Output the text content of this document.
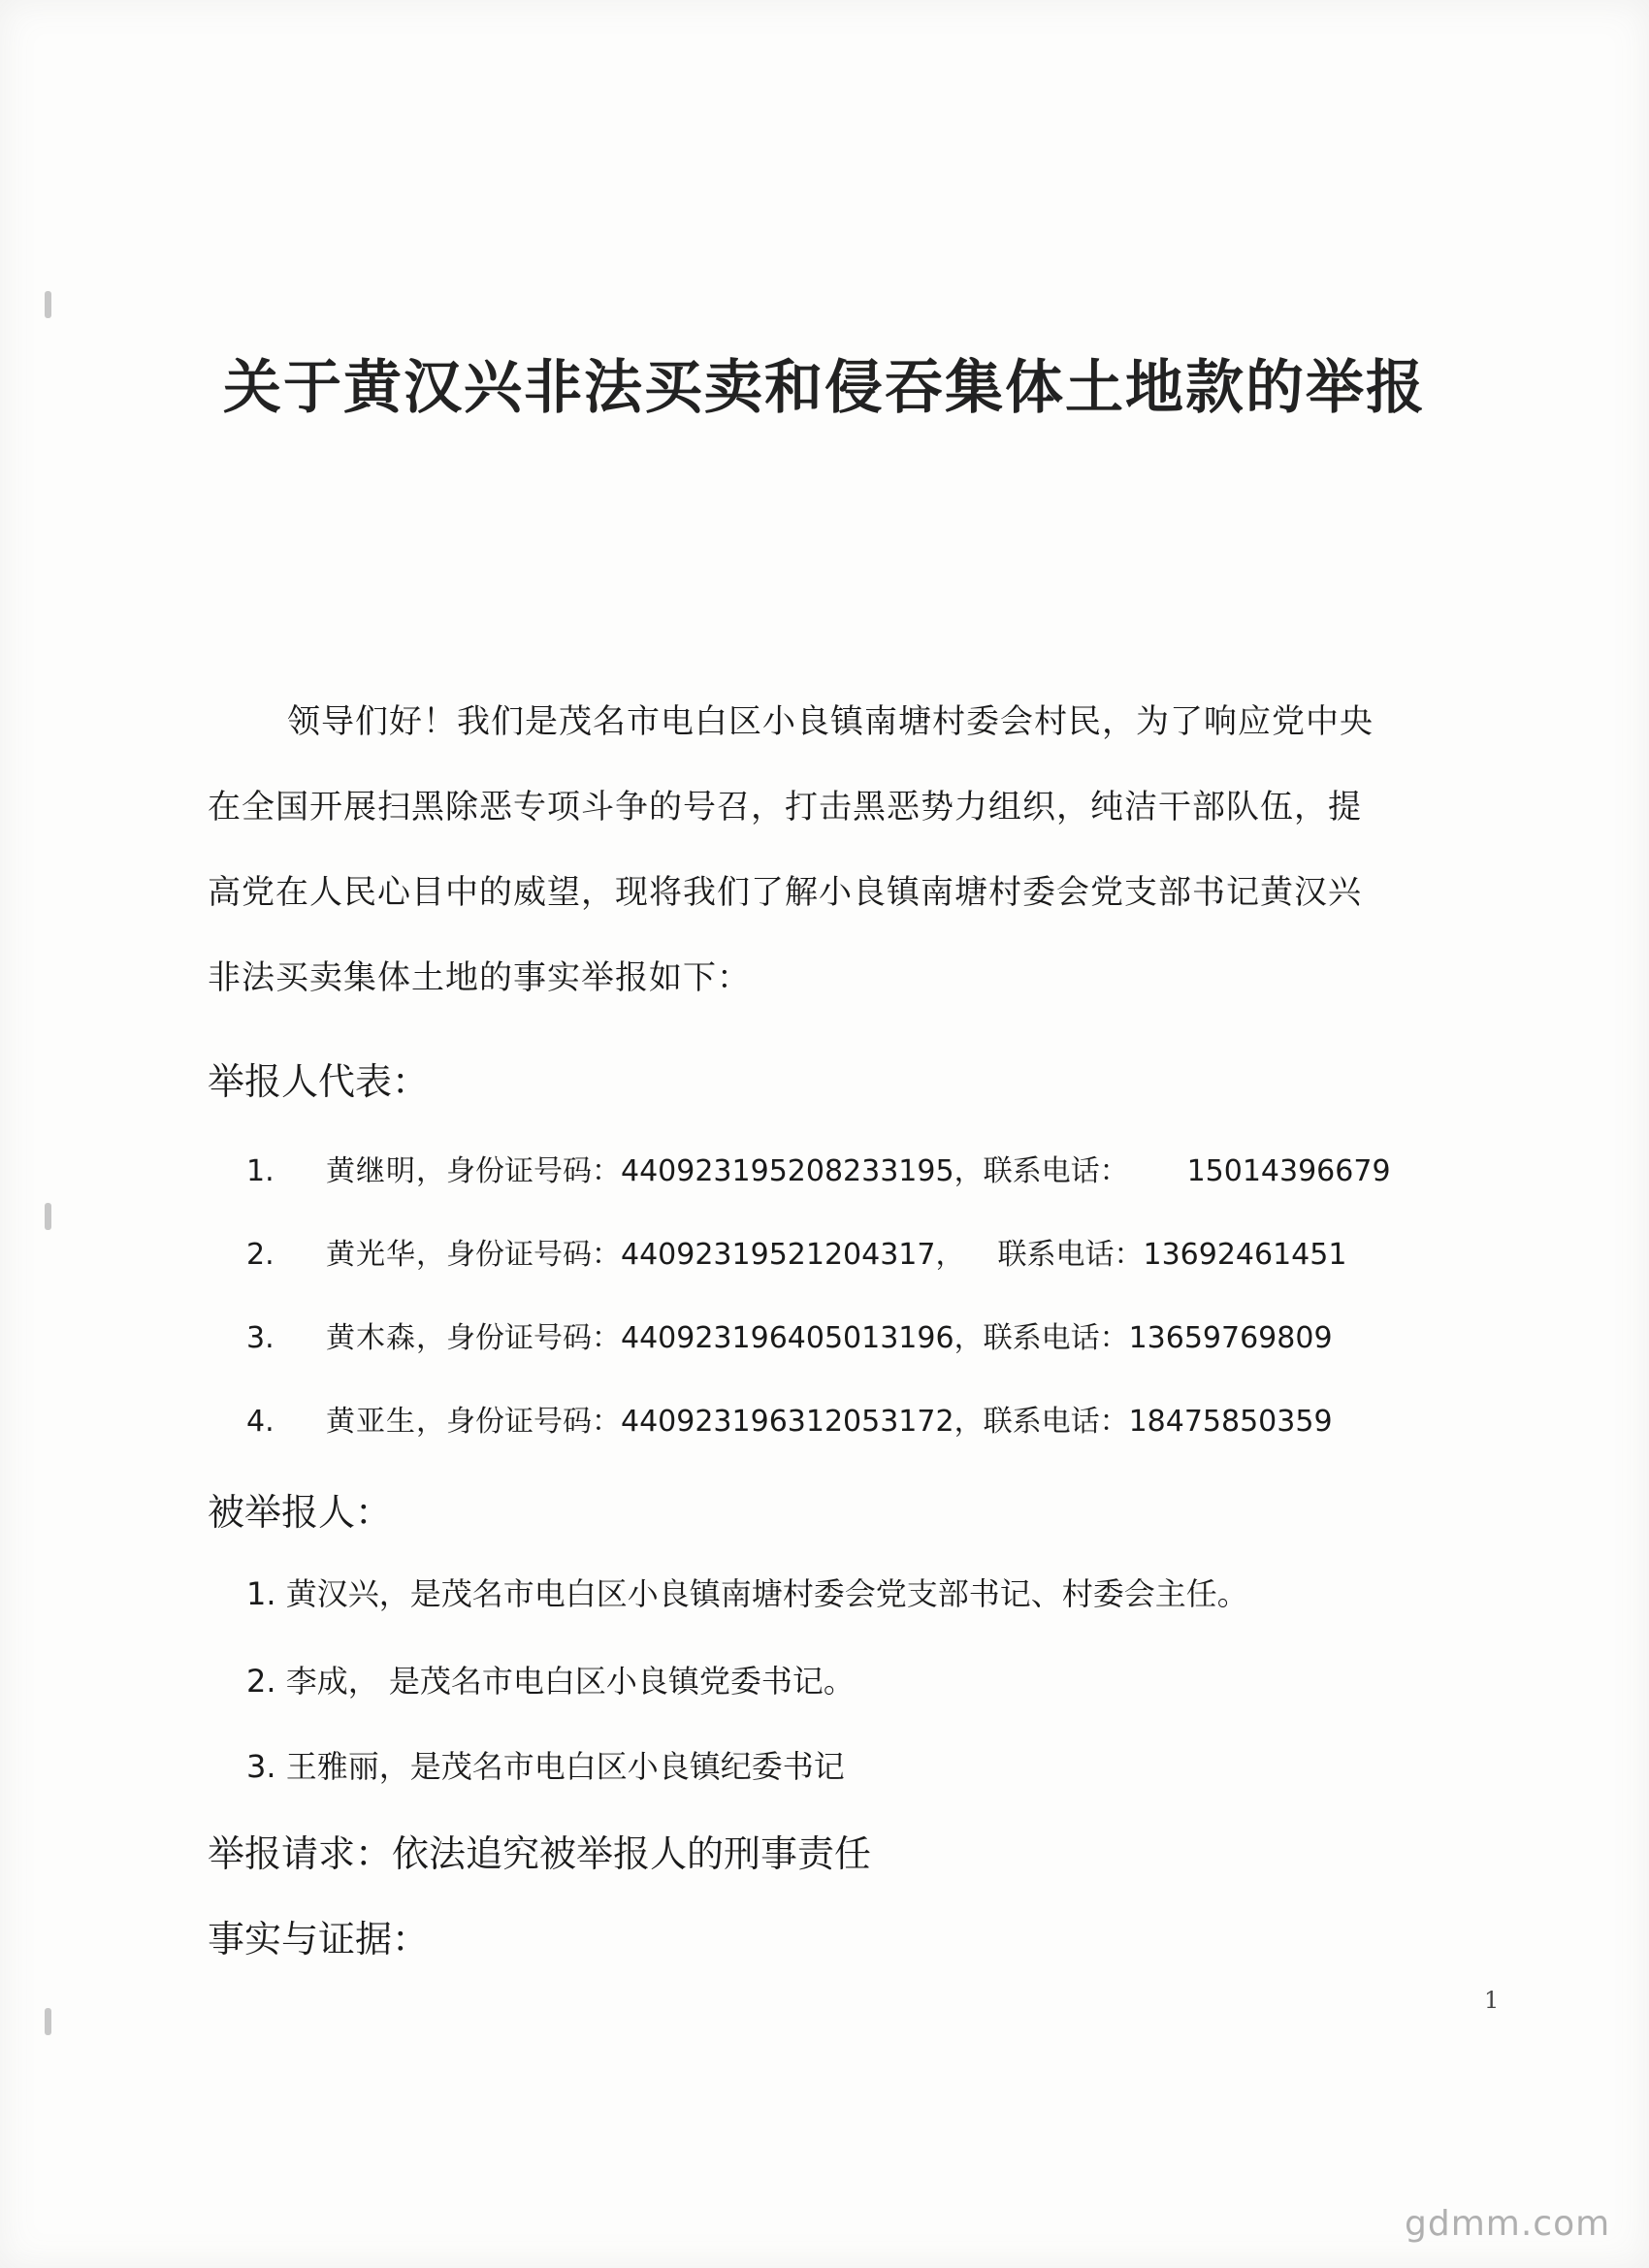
关于黄汉兴非法买卖和侵吞集体土地款的举报
领导们好！我们是茂名市电白区小良镇南塘村委会村民，为了响应党中央
在全国开展扫黑除恶专项斗争的号召，打击黑恶势力组织，纯洁干部队伍，提
高党在人民心目中的威望，现将我们了解小良镇南塘村委会党支部书记黄汉兴
非法买卖集体土地的事实举报如下：
举报人代表：
1. 黄继明，身份证号码：440923195208233195，联系电话： 15014396679
2. 黄光华，身份证号码：44092319521204317， 联系电话：13692461451
3. 黄木森，身份证号码：440923196405013196，联系电话：13659769809
4. 黄亚生，身份证号码：440923196312053172，联系电话：18475850359
被举报人：
1. 黄汉兴，是茂名市电白区小良镇南塘村委会党支部书记、村委会主任。
2. 李成， 是茂名市电白区小良镇党委书记。
3. 王雅丽，是茂名市电白区小良镇纪委书记
举报请求：依法追究被举报人的刑事责任
事实与证据：
1
gdmm.com
